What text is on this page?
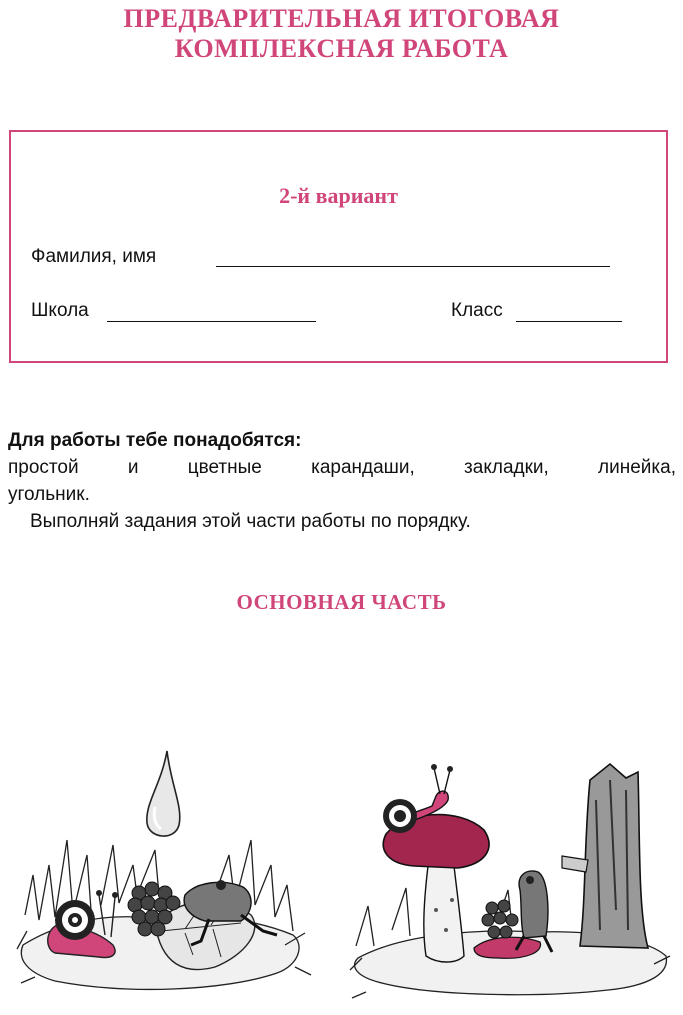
ПРЕДВАРИТЕЛЬНАЯ ИТОГОВАЯ
КОМПЛЕКСНАЯ РАБОТА
2-й вариант
Фамилия, имя
Школа	Класс
Для работы тебе понадобятся:
простой и цветные карандаши, закладки, линейка,
угольник.
Выполняй задания этой части работы по порядку.
ОСНОВНАЯ ЧАСТЬ
